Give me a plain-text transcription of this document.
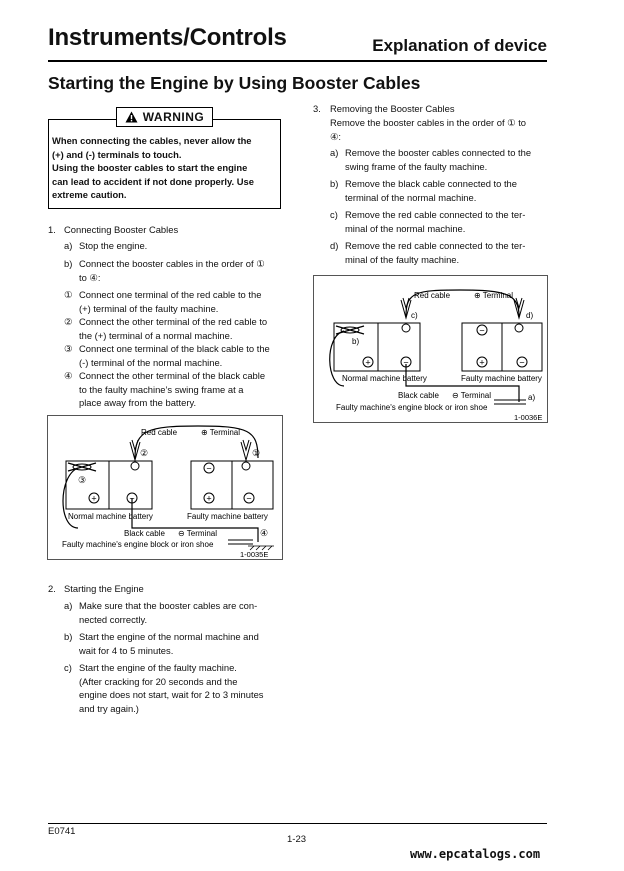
Instruments/Controls	Explanation of device
Starting the Engine by Using Booster Cables
WARNING
When connecting the cables, never allow the
(+) and (-) terminals to touch.
Using the booster cables to start the engine
can lead to accident if not done properly. Use
extreme caution.
1. Connecting Booster Cables
a) Stop the engine.
b) Connect the booster cables in the order of ①
to ④:
① Connect one terminal of the red cable to the
(+) terminal of the faulty machine.
② Connect the other terminal of the red cable to
the (+) terminal of a normal machine.
③ Connect one terminal of the black cable to the
(-) terminal of the normal machine.
④ Connect the other terminal of the black cable
to the faulty machine’s swing frame at a
place away from the battery.
+	−
−
+	−
Red cable	⊕ Terminal
②	①
③
④
Normal machine battery	Faulty machine battery
Black cable ⊖ Terminal
Faulty machine's engine block or iron shoe
1-0035E
2. Starting the Engine
a) Make sure that the booster cables are con-
nected correctly.
b) Start the engine of the normal machine and
wait for 4 to 5 minutes.
c) Start the engine of the faulty machine.
(After cracking for 20 seconds and the
engine does not start, wait for 2 to 3 minutes
and try again.)
3. Removing the Booster Cables
Remove the booster cables in the order of ① to
④:
a) Remove the booster cables connected to the
swing frame of the faulty machine.
b) Remove the black cable connected to the
terminal of the normal machine.
c) Remove the red cable connected to the ter-
minal of the normal machine.
d) Remove the red cable connected to the ter-
minal of the faulty machine.
+	−
−
+	−
Red cable	⊕ Terminal
c)	d)
b)
a)
Normal machine battery	Faulty machine battery
Black cable ⊖ Terminal
Faulty machine's engine block or iron shoe
1-0036E
E0741
1-23
www.epcatalogs.com
